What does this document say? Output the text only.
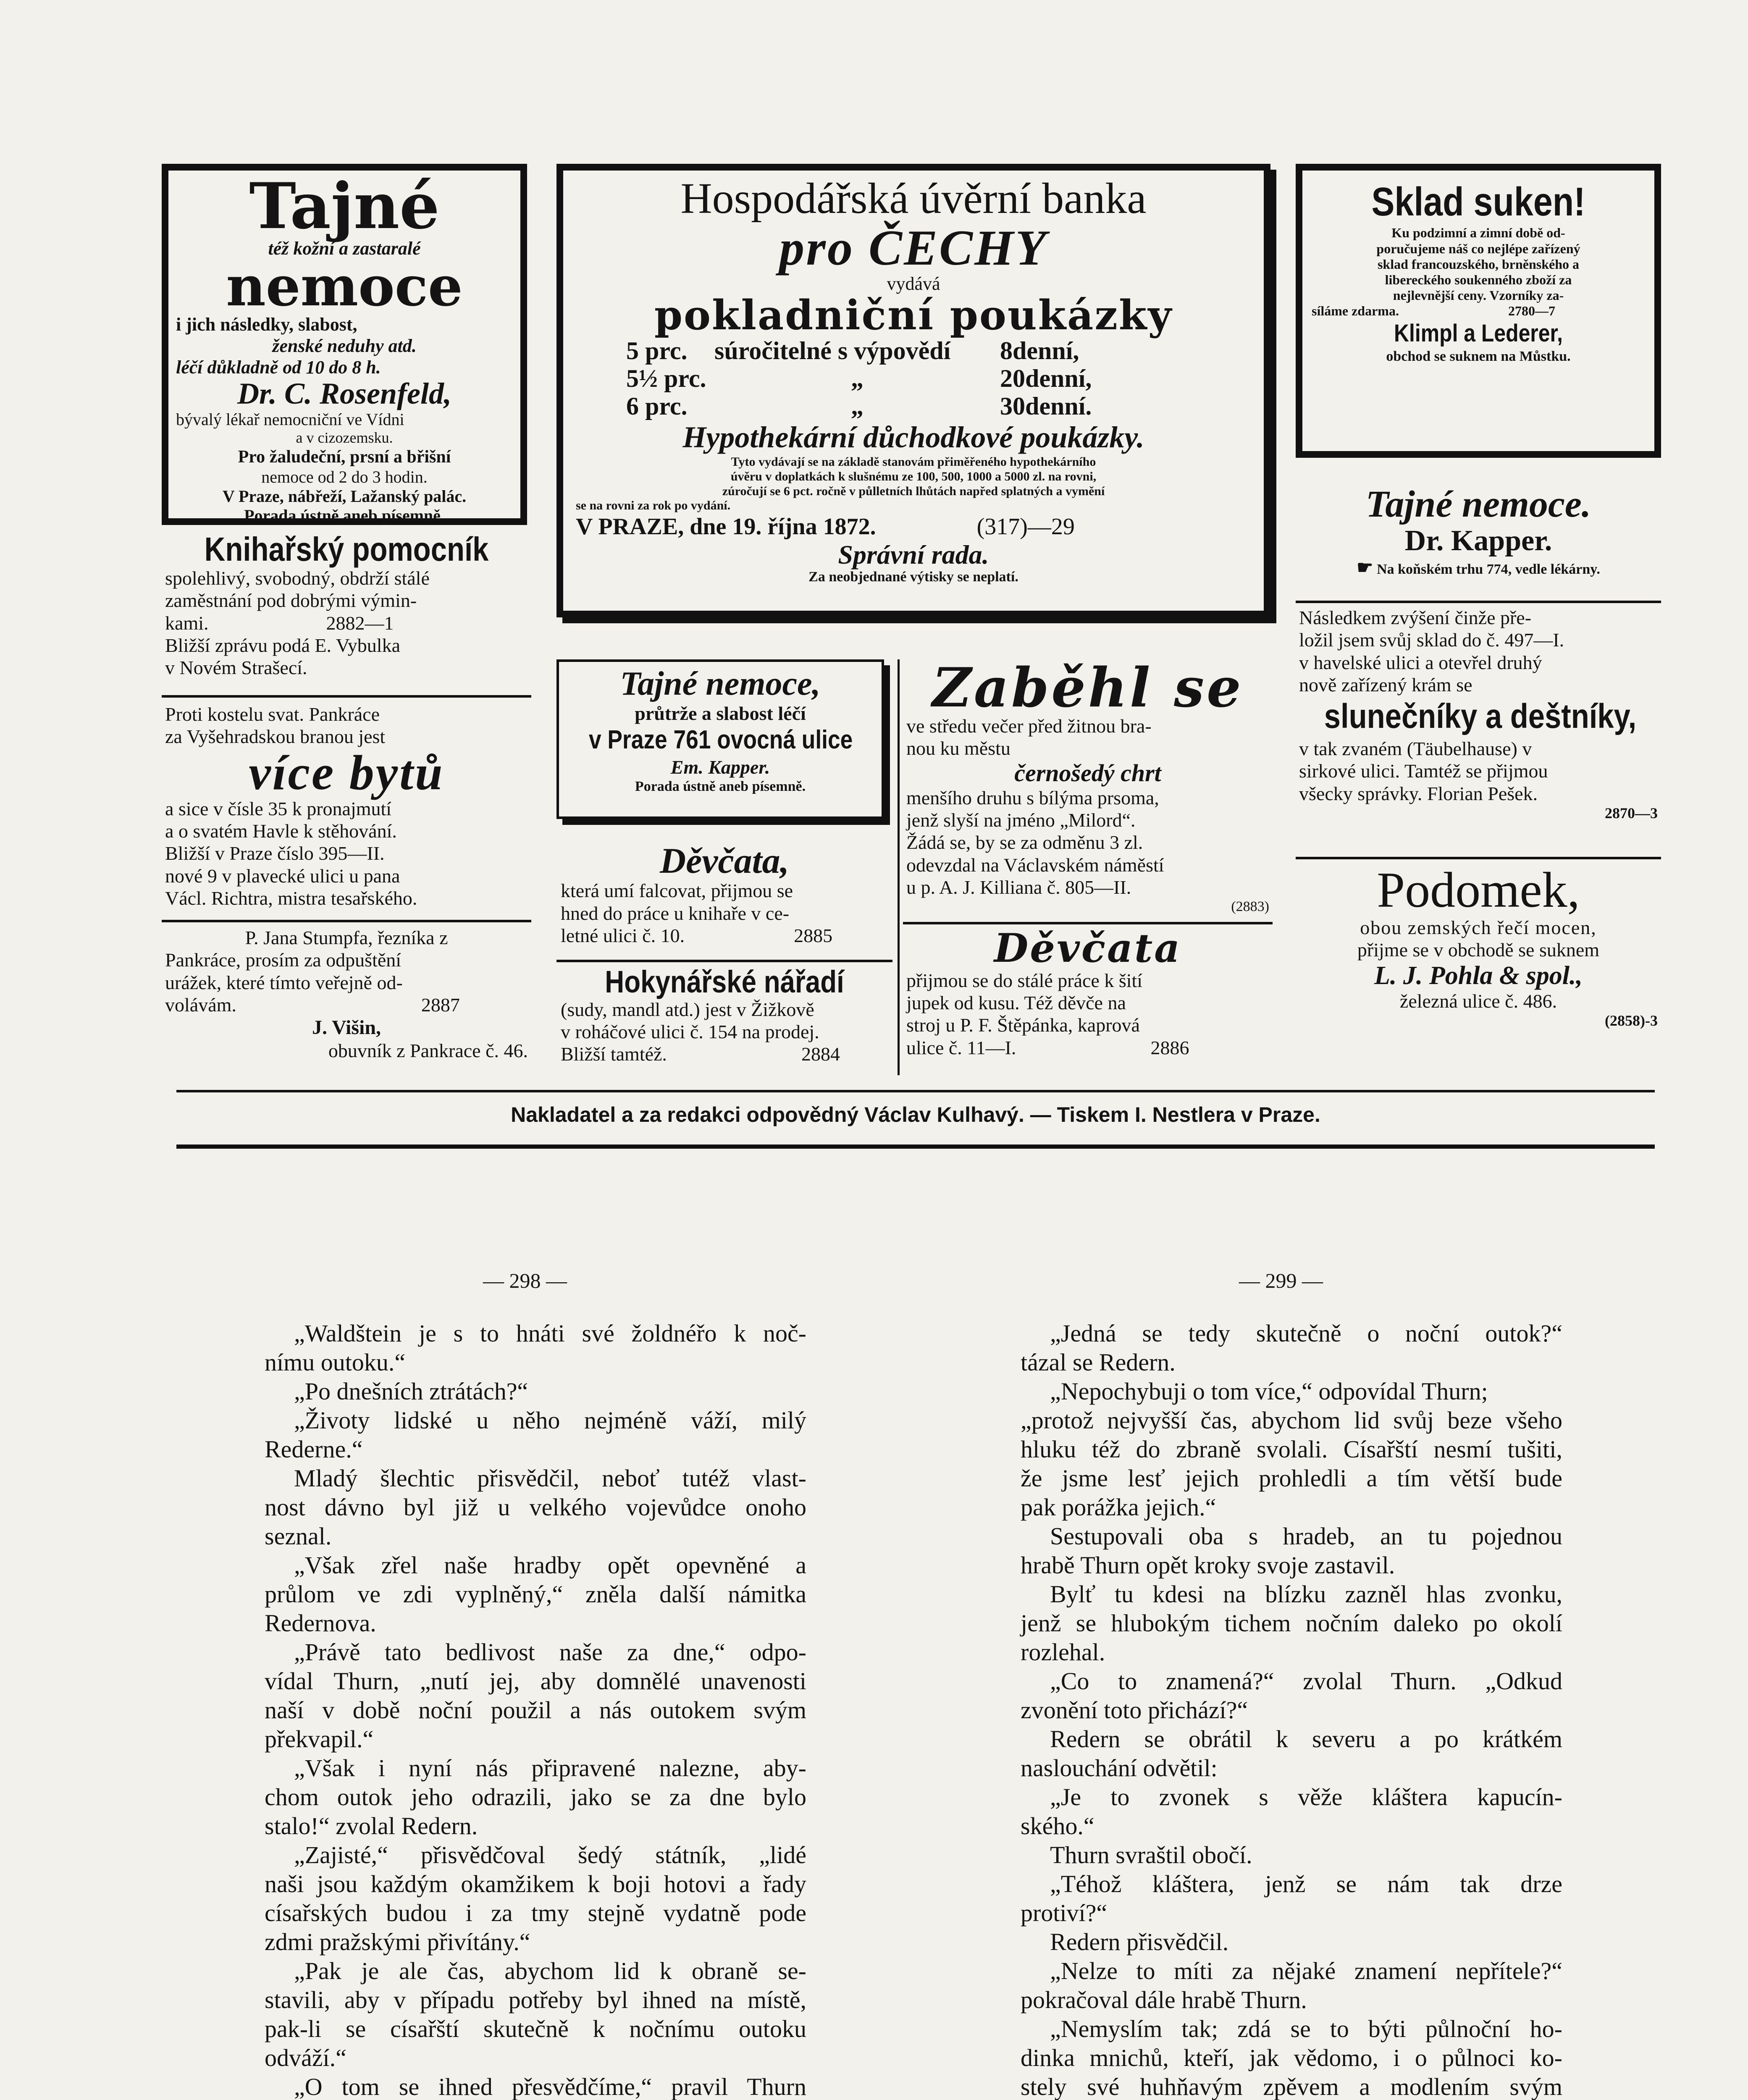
Tajné
též kožní a zastaralé
nemoce
i jich následky, slabost,
ženské neduhy atd.
léčí důkladně od 10 do 8 h.
Dr. C. Rosenfeld,
bývalý lékař nemocniční ve Vídni
a v cizozemsku.
Pro žaludeční, prsní a břišní
nemoce od 2 do 3 hodin.
V Praze, nábřeží, Lažanský palác.
Porada ústně aneb písemně.
Knihařský pomocník
spolehlivý, svobodný, obdrží stálé
zaměstnání pod dobrými výmin-
kami.	2882—1
Bližší zprávu podá E. Vybulka
v Novém Strašecí.
Proti kostelu svat. Pankráce
za Vyšehradskou branou jest
více bytů
a sice v čísle 35 k pronajmutí
a o svatém Havle k stěhování.
Bližší v Praze číslo 395—II.
nové 9 v plavecké ulici u pana
Václ. Richtra, mistra tesařského.
P. Jana Stumpfa, řezníka z
Pankráce, prosím za odpuštění
urážek, které tímto veřejně od-
volávám.	2887
J. Višin,
obuvník z Pankrace č. 46.
Hospodářská úvěrní banka
pro ČECHY
vydává
pokladniční poukázky
5 prc. súročitelné s výpovědí 8denní,
5½ prc.	„	20denní,
6 prc.	„	30denní.
Hypothekární důchodkové poukázky.
Tyto vydávají se na základě stanovám přiměřeného hypothekárního
úvěru v doplatkách k slušnému ze 100, 500, 1000 a 5000 zl. na rovni,
zúročují se 6 pct. ročně v půlletních lhůtách napřed splatných a vymění
se na rovni za rok po vydání.
V PRAZE, dne 19. října 1872.	(317)—29
Správní rada.
Za neobjednané výtisky se neplatí.
Tajné nemoce,
průtrže a slabost léčí
v Praze 761 ovocná ulice
Em. Kapper.
Porada ústně aneb písemně.
Děvčata,
která umí falcovat, přijmou se
hned do práce u knihaře v ce-
letné ulici č. 10.	2885
Hokynářské nářadí
(sudy, mandl atd.) jest v Žižkově
v roháčové ulici č. 154 na prodej.
Bližší tamtéž.	2884
Zaběhl se
ve středu večer před žitnou bra-
nou ku městu
černošedý chrt
menšího druhu s bílýma prsoma,
jenž slyší na jméno „Milord“.
Žádá se, by se za odměnu 3 zl.
odevzdal na Václavském náměstí
u p. A. J. Killiana č. 805—II.
(2883)
Děvčata
přijmou se do stálé práce k šití
jupek od kusu. Též děvče na
stroj u P. F. Štěpánka, kaprová
ulice č. 11—I.	2886
Sklad suken!
Ku podzimní a zimní době od-
poručujeme náš co nejlépe zařízený
sklad francouzského, brněnského a
libereckého soukenného zboží za
nejlevnější ceny. Vzorníky za-
síláme zdarma.	2780—7
Klimpl a Lederer,
obchod se suknem na Můstku.
Tajné nemoce.
Dr. Kapper.
☛ Na koňském trhu 774, vedle lékárny.
Následkem zvýšení činže pře-
ložil jsem svůj sklad do č. 497—I.
v havelské ulici a otevřel druhý
nově zařízený krám se
slunečníky a deštníky,
v tak zvaném (Täubelhause) v
sirkové ulici. Tamtéž se přijmou
všecky správky. Florian Pešek.
2870—3
Podomek,
obou zemských řečí mocen,
přijme se v obchodě se suknem
L. J. Pohla & spol.,
železná ulice č. 486.
(2858)-3
Nakladatel a za redakci odpovědný Václav Kulhavý. — Tiskem I. Nestlera v Praze.
— 298 —	— 299 —
„Waldštein je s to hnáti své žoldnéřo k noč-
nímu outoku.“
„Po dnešních ztrátách?“
„Životy lidské u něho nejméně váží, milý
Rederne.“
Mladý šlechtic přisvědčil, neboť tutéž vlast-
nost dávno byl již u velkého vojevůdce onoho
seznal.
„Však zřel naše hradby opět opevněné a
průlom ve zdi vyplněný,“ zněla další námitka
Redernova.
„Právě tato bedlivost naše za dne,“ odpo-
vídal Thurn, „nutí jej, aby domnělé unavenosti
naší v době noční použil a nás outokem svým
překvapil.“
„Však i nyní nás připravené nalezne, aby-
chom outok jeho odrazili, jako se za dne bylo
stalo!“ zvolal Redern.
„Zajisté,“ přisvědčoval šedý státník, „lidé
naši jsou každým okamžikem k boji hotovi a řady
císařských budou i za tmy stejně vydatně pode
zdmi pražskými přivítány.“
„Pak je ale čas, abychom lid k obraně se-
stavili, aby v případu potřeby byl ihned na místě,
pak-li se císařští skutečně k nočnímu outoku
odváží.“
„O tom se ihned přesvědčíme,“ pravil Thurn
„Jedná se tedy skutečně o noční outok?“
tázal se Redern.
„Nepochybuji o tom více,“ odpovídal Thurn;
„protož nejvyšší čas, abychom lid svůj beze všeho
hluku též do zbraně svolali. Císařští nesmí tušiti,
že jsme lesť jejich prohledli a tím větší bude
pak porážka jejich.“
Sestupovali oba s hradeb, an tu pojednou
hrabě Thurn opět kroky svoje zastavil.
Bylť tu kdesi na blízku zazněl hlas zvonku,
jenž se hlubokým tichem nočním daleko po okolí
rozlehal.
„Co to znamená?“ zvolal Thurn. „Odkud
zvonění toto přichází?“
Redern se obrátil k severu a po krátkém
naslouchání odvětil:
„Je to zvonek s věže kláštera kapucín-
ského.“
Thurn svraštil obočí.
„Téhož kláštera, jenž se nám tak drze
protiví?“
Redern přisvědčil.
„Nelze to míti za nějaké znamení nepřítele?“
pokračoval dále hrabě Thurn.
„Nemyslím tak; zdá se to býti půlnoční ho-
dinka mnichů, kteří, jak vědomo, i o půlnoci ko-
stely své huhňavým zpěvem a modlením svým
